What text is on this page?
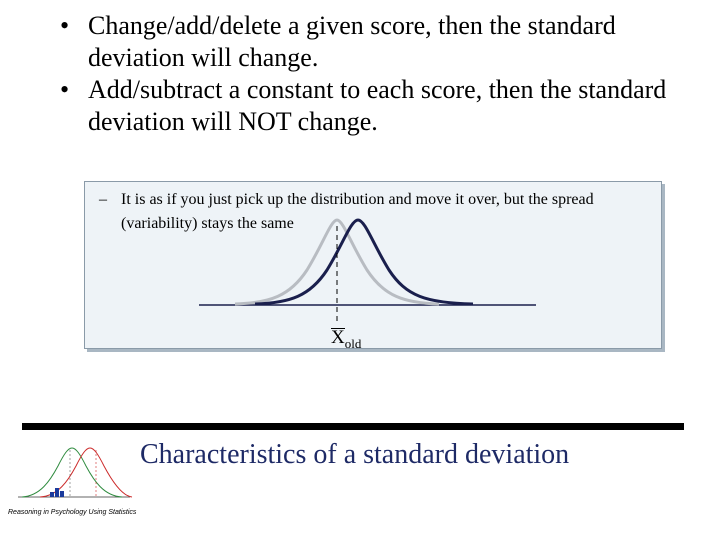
• Change/add/delete a given score, then the standard deviation will change.
• Add/subtract a constant to each score, then the standard deviation will NOT change.
– It is as if you just pick up the distribution and move it over, but the spread (variability) stays the same
$X_{old}$
Reasoning in Psychology Using Statistics
Characteristics of a standard deviation
